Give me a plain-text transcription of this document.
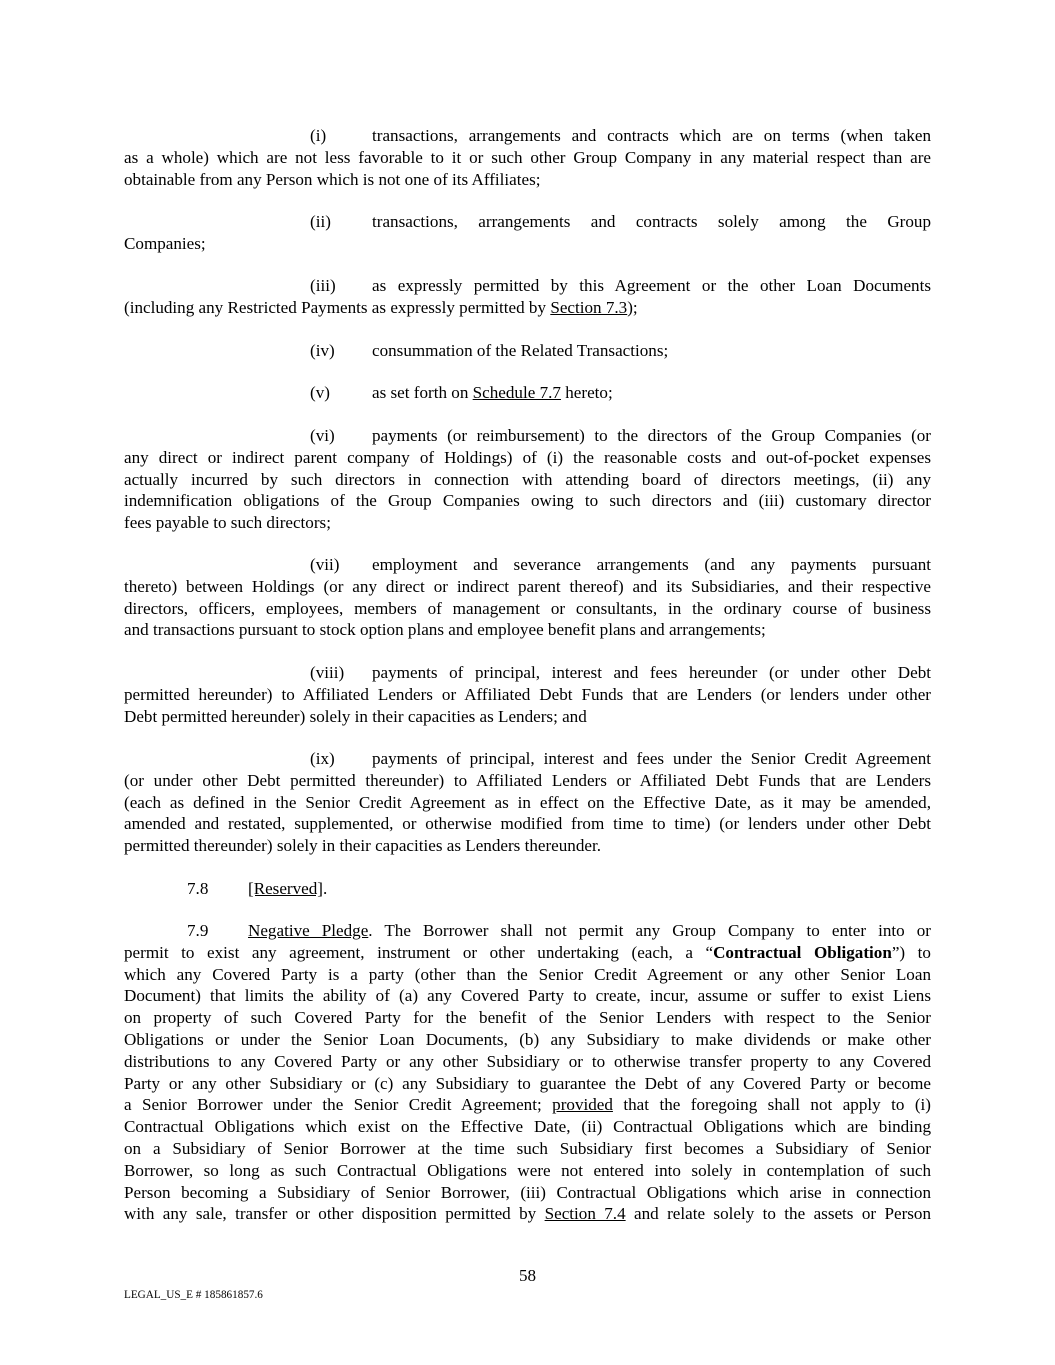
(i)	transactions, arrangements and contracts which are on terms (when taken
as a whole) which are not less favorable to it or such other Group Company in any material respect than are
obtainable from any Person which is not one of its Affiliates;
(ii) transactions, arrangements and contracts solely among the Group
Companies;
(iii) as expressly permitted by this Agreement or the other Loan Documents
(including any Restricted Payments as expressly permitted by Section 7.3);
(iv) consummation of the Related Transactions;
(v) as set forth on Schedule 7.7 hereto;
(vi) payments (or reimbursement) to the directors of the Group Companies (or
any direct or indirect parent company of Holdings) of (i) the reasonable costs and out-of-pocket expenses
actually incurred by such directors in connection with attending board of directors meetings, (ii) any
indemnification obligations of the Group Companies owing to such directors and (iii) customary director
fees payable to such directors;
(vii) employment and severance arrangements (and any payments pursuant
thereto) between Holdings (or any direct or indirect parent thereof) and its Subsidiaries, and their respective
directors, officers, employees, members of management or consultants, in the ordinary course of business
and transactions pursuant to stock option plans and employee benefit plans and arrangements;
(viii) payments of principal, interest and fees hereunder (or under other Debt
permitted hereunder) to Affiliated Lenders or Affiliated Debt Funds that are Lenders (or lenders under other
Debt permitted hereunder) solely in their capacities as Lenders; and
(ix) payments of principal, interest and fees under the Senior Credit Agreement
(or under other Debt permitted thereunder) to Affiliated Lenders or Affiliated Debt Funds that are Lenders
(each as defined in the Senior Credit Agreement as in effect on the Effective Date, as it may be amended,
amended and restated, supplemented, or otherwise modified from time to time) (or lenders under other Debt
permitted thereunder) solely in their capacities as Lenders thereunder.
7.8 [Reserved].
7.9 Negative Pledge. The Borrower shall not permit any Group Company to enter into or
permit to exist any agreement, instrument or other undertaking (each, a “Contractual Obligation”) to
which any Covered Party is a party (other than the Senior Credit Agreement or any other Senior Loan
Document) that limits the ability of (a) any Covered Party to create, incur, assume or suffer to exist Liens
on property of such Covered Party for the benefit of the Senior Lenders with respect to the Senior
Obligations or under the Senior Loan Documents, (b) any Subsidiary to make dividends or make other
distributions to any Covered Party or any other Subsidiary or to otherwise transfer property to any Covered
Party or any other Subsidiary or (c) any Subsidiary to guarantee the Debt of any Covered Party or become
a Senior Borrower under the Senior Credit Agreement; provided that the foregoing shall not apply to (i)
Contractual Obligations which exist on the Effective Date, (ii) Contractual Obligations which are binding
on a Subsidiary of Senior Borrower at the time such Subsidiary first becomes a Subsidiary of Senior
Borrower, so long as such Contractual Obligations were not entered into solely in contemplation of such
Person becoming a Subsidiary of Senior Borrower, (iii) Contractual Obligations which arise in connection
with any sale, transfer or other disposition permitted by Section 7.4 and relate solely to the assets or Person
58
LEGAL_US_E # 185861857.6
